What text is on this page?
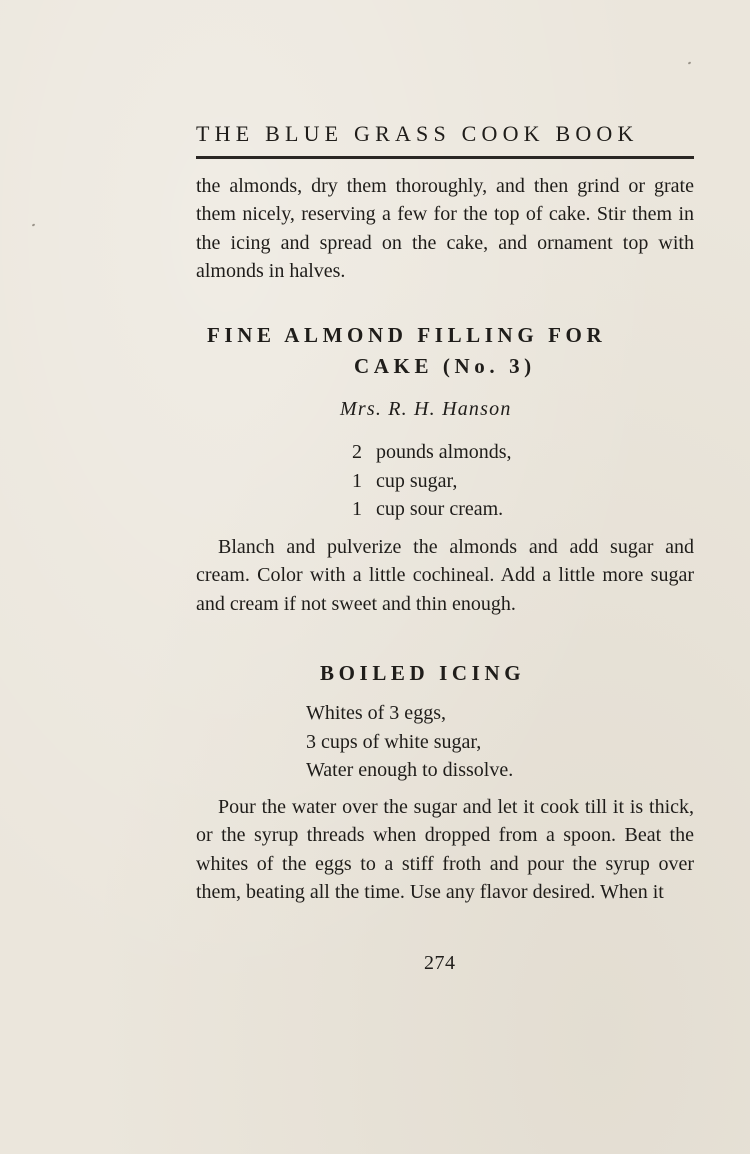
THE BLUE GRASS COOK BOOK

the almonds, dry them thoroughly, and then grind or grate them nicely, reserving a few for the top of cake. Stir them in the icing and spread on the cake, and ornament top with almonds in halves.

FINE ALMOND FILLING FOR
CAKE (No. 3)
Mrs. R. H. Hanson
2 pounds almonds,
1 cup sugar,
1 cup sour cream.

Blanch and pulverize the almonds and add sugar and cream. Color with a little cochineal. Add a little more sugar and cream if not sweet and thin enough.

BOILED ICING
Whites of 3 eggs,
3 cups of white sugar,
Water enough to dissolve.

Pour the water over the sugar and let it cook till it is thick, or the syrup threads when dropped from a spoon. Beat the whites of the eggs to a stiff froth and pour the syrup over them, beating all the time. Use any flavor desired. When it

274
